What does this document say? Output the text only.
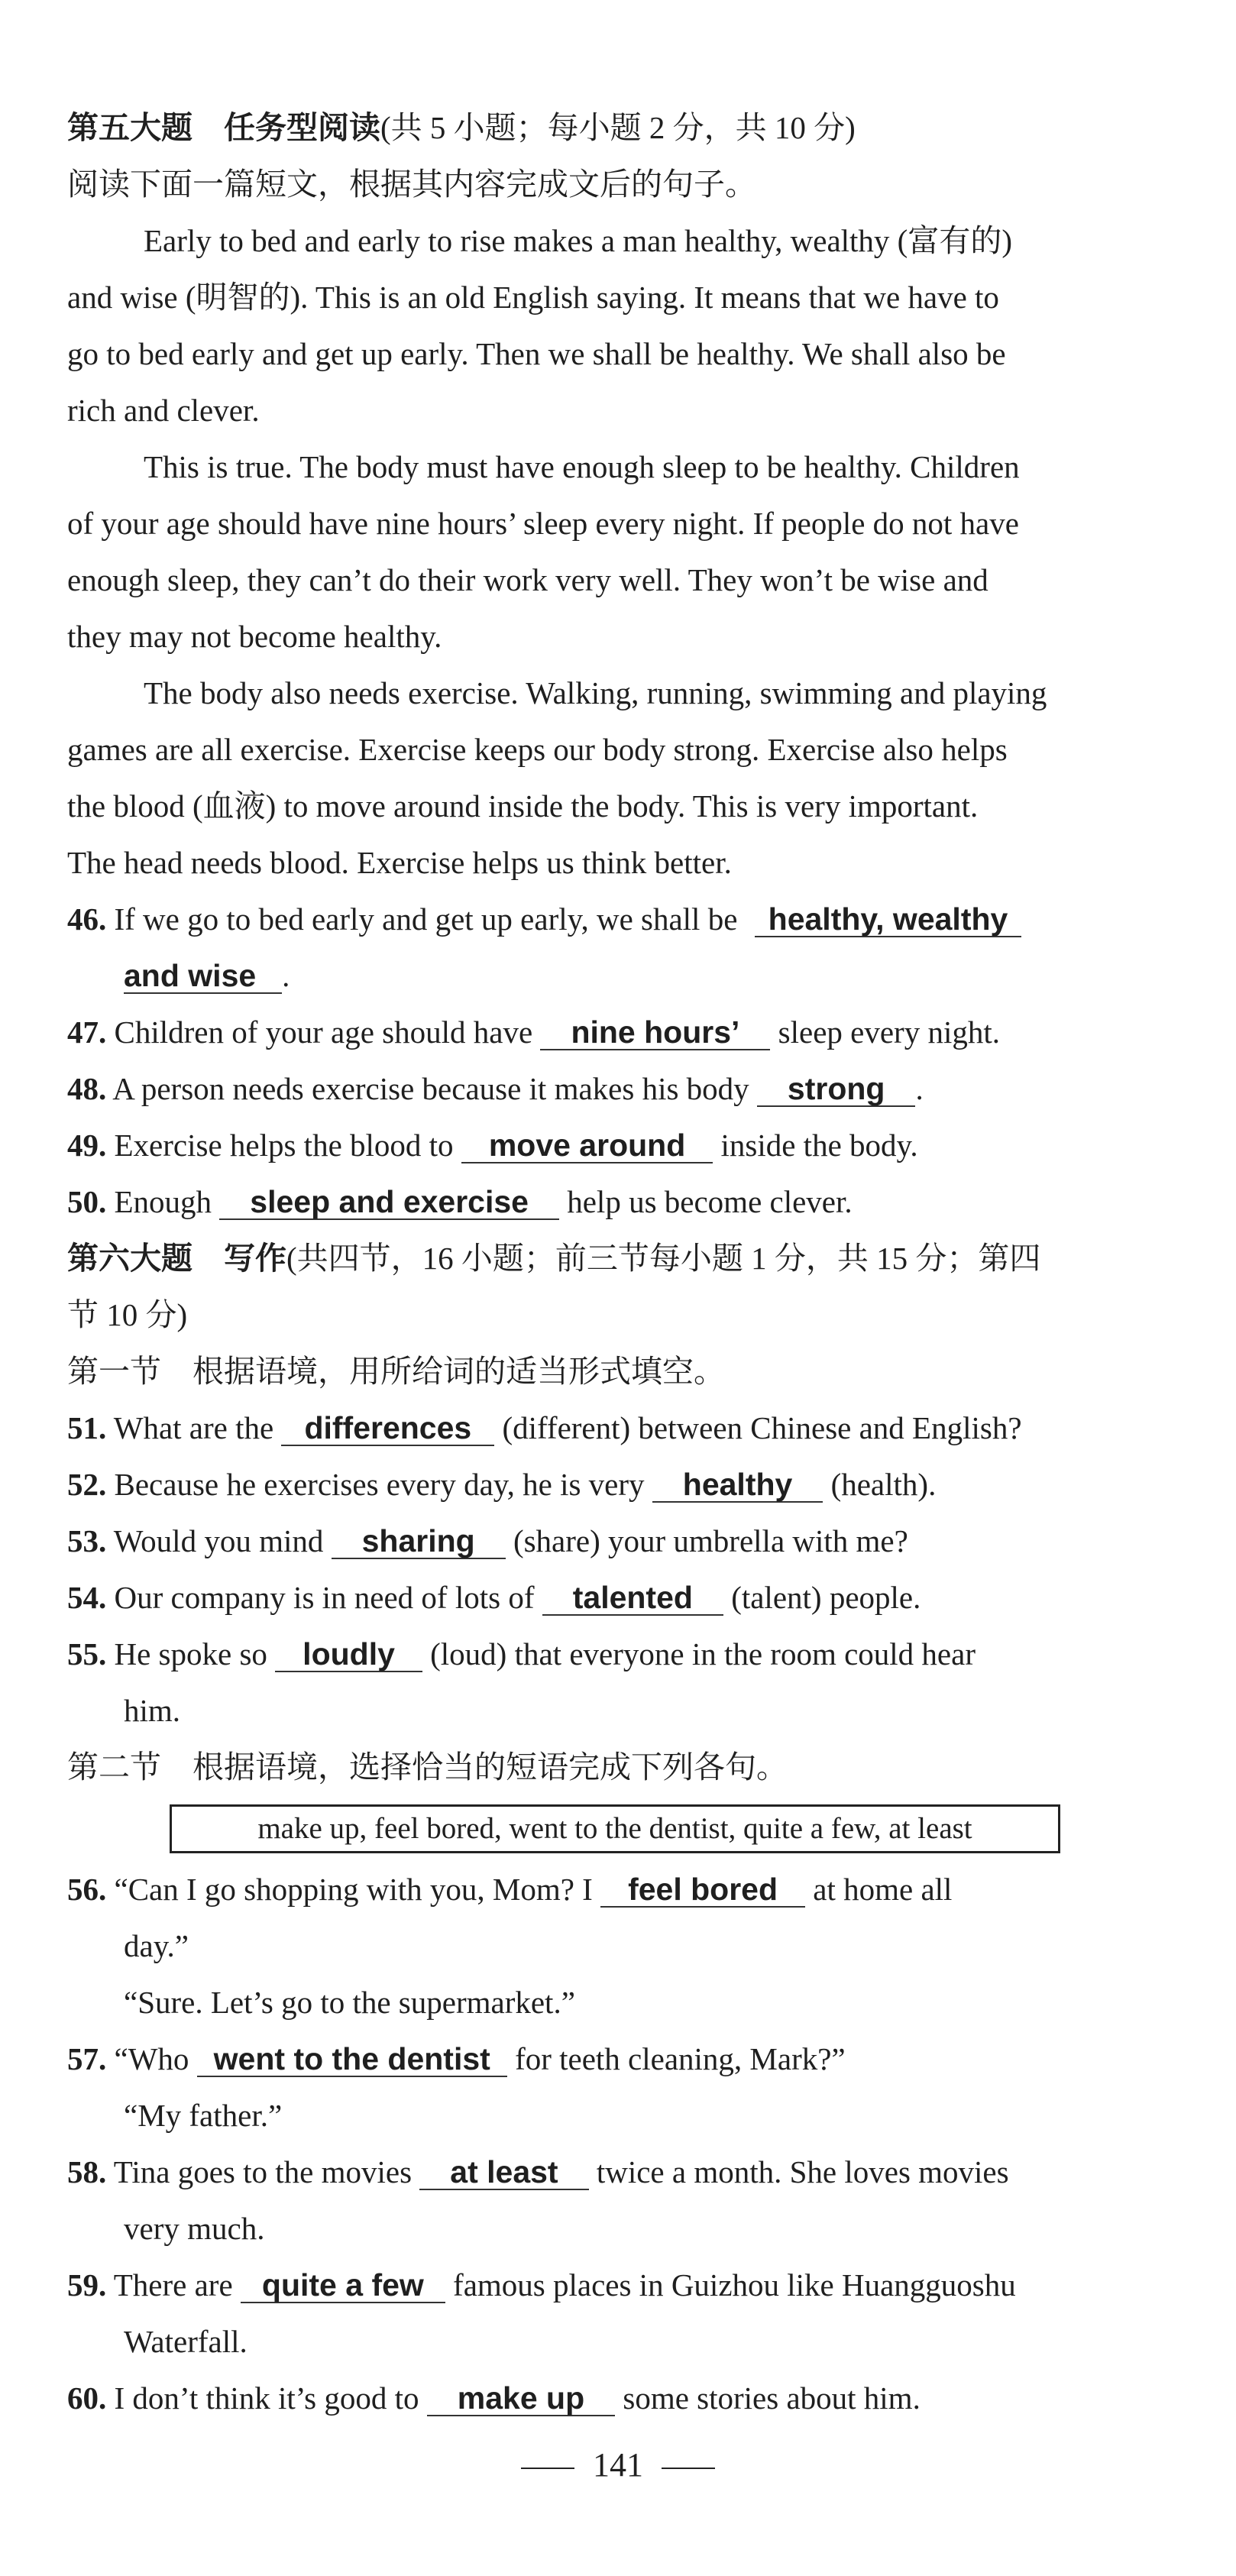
第五大题　任务型阅读(共 5 小题；每小题 2 分，共 10 分)
阅读下面一篇短文，根据其内容完成文后的句子。
Early to bed and early to rise makes a man healthy, wealthy (富有的)
and wise (明智的). This is an old English saying. It means that we have to
go to bed early and get up early. Then we shall be healthy. We shall also be
rich and clever.
This is true. The body must have enough sleep to be healthy. Children
of your age should have nine hours’ sleep every night. If people do not have
enough sleep, they can’t do their work very well. They won’t be wise and
they may not become healthy.
The body also needs exercise. Walking, running, swimming and playing
games are all exercise. Exercise keeps our body strong. Exercise also helps
the blood (血液) to move around inside the body. This is very important.
The head needs blood. Exercise helps us think better.
46. If we go to bed early and get up early, we shall be healthy, wealthy
and wise .
47. Children of your age should have nine hours’ sleep every night.
48. A person needs exercise because it makes his body strong .
49. Exercise helps the blood to move around inside the body.
50. Enough sleep and exercise help us become clever.
第六大题　写作(共四节，16 小题；前三节每小题 1 分，共 15 分；第四
节 10 分)
第一节　根据语境，用所给词的适当形式填空。
51. What are the differences (different) between Chinese and English?
52. Because he exercises every day, he is very healthy (health).
53. Would you mind sharing (share) your umbrella with me?
54. Our company is in need of lots of talented (talent) people.
55. He spoke so loudly (loud) that everyone in the room could hear
him.
第二节　根据语境，选择恰当的短语完成下列各句。
make up, feel bored, went to the dentist, quite a few, at least
56. “Can I go shopping with you, Mom? I feel bored at home all
day.”
“Sure. Let’s go to the supermarket.”
57. “Who went to the dentist for teeth cleaning, Mark?”
“My father.”
58. Tina goes to the movies at least twice a month. She loves movies
very much.
59. There are quite a few famous places in Guizhou like Huangguoshu
Waterfall.
60. I don’t think it’s good to make up some stories about him.
141
